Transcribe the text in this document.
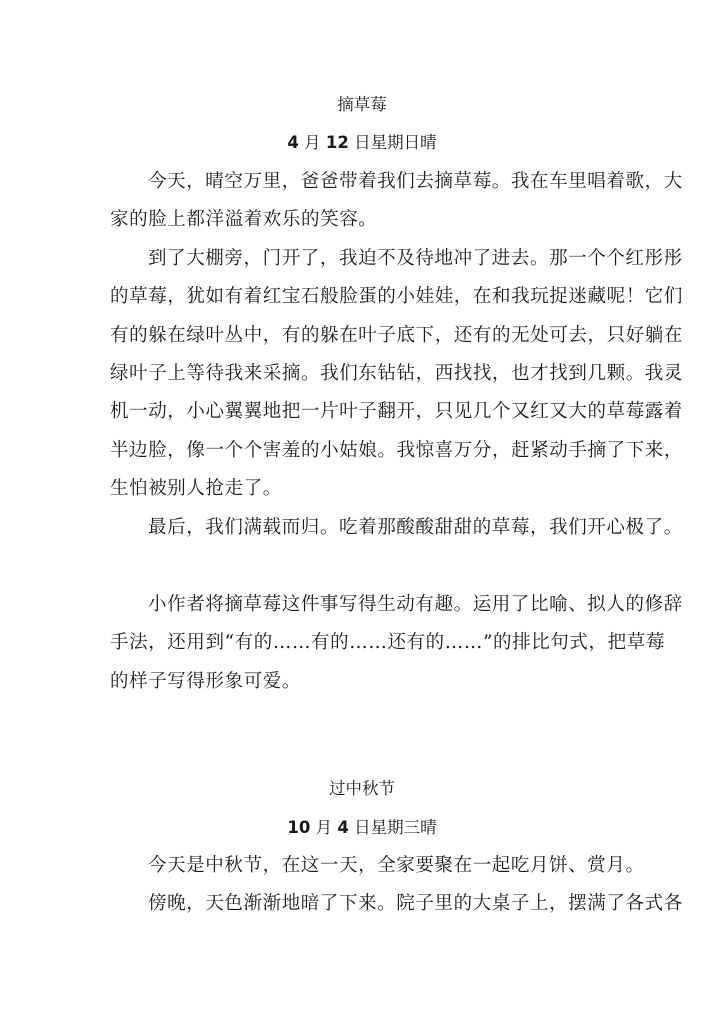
摘草莓
4 月 12 日星期日晴
今天，晴空万里，爸爸带着我们去摘草莓。我在车里唱着歌，大
家的脸上都洋溢着欢乐的笑容。
到了大棚旁，门开了，我迫不及待地冲了进去。那一个个红彤彤
的草莓，犹如有着红宝石般脸蛋的小娃娃，在和我玩捉迷藏呢！它们
有的躲在绿叶丛中，有的躲在叶子底下，还有的无处可去，只好躺在
绿叶子上等待我来采摘。我们东钻钻，西找找，也才找到几颗。我灵
机一动，小心翼翼地把一片叶子翻开，只见几个又红又大的草莓露着
半边脸，像一个个害羞的小姑娘。我惊喜万分，赶紧动手摘了下来，
生怕被别人抢走了。
最后，我们满载而归。吃着那酸酸甜甜的草莓，我们开心极了。
小作者将摘草莓这件事写得生动有趣。运用了比喻、拟人的修辞
手法，还用到“有的……有的……还有的……”的排比句式，把草莓
的样子写得形象可爱。
过中秋节
10 月 4 日星期三晴
今天是中秋节，在这一天，全家要聚在一起吃月饼、赏月。
傍晚，天色渐渐地暗了下来。院子里的大桌子上，摆满了各式各
